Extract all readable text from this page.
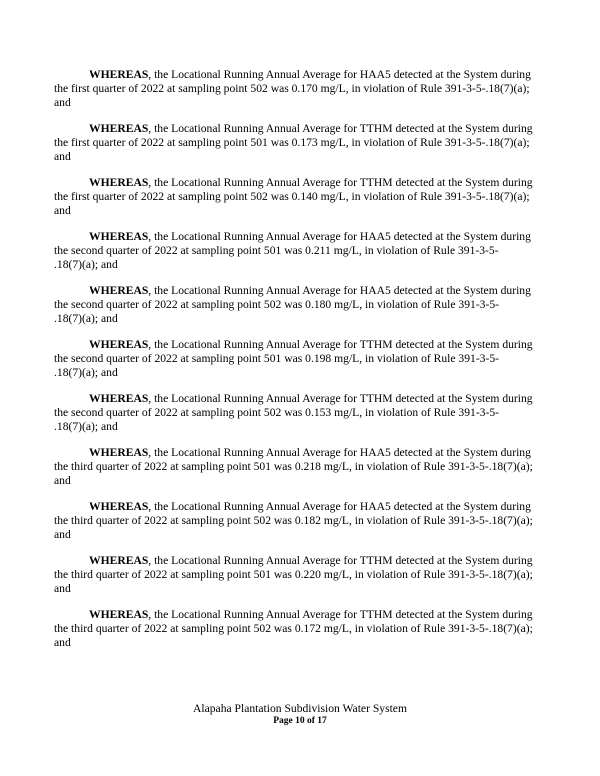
WHEREAS, the Locational Running Annual Average for HAA5 detected at the System during
the first quarter of 2022 at sampling point 502 was 0.170 mg/L, in violation of Rule 391-3-5-.18(7)(a);
and
WHEREAS, the Locational Running Annual Average for TTHM detected at the System during
the first quarter of 2022 at sampling point 501 was 0.173 mg/L, in violation of Rule 391-3-5-.18(7)(a);
and
WHEREAS, the Locational Running Annual Average for TTHM detected at the System during
the first quarter of 2022 at sampling point 502 was 0.140 mg/L, in violation of Rule 391-3-5-.18(7)(a);
and
WHEREAS, the Locational Running Annual Average for HAA5 detected at the System during
the second quarter of 2022 at sampling point 501 was 0.211 mg/L, in violation of Rule 391-3-5-
.18(7)(a); and
WHEREAS, the Locational Running Annual Average for HAA5 detected at the System during
the second quarter of 2022 at sampling point 502 was 0.180 mg/L, in violation of Rule 391-3-5-
.18(7)(a); and
WHEREAS, the Locational Running Annual Average for TTHM detected at the System during
the second quarter of 2022 at sampling point 501 was 0.198 mg/L, in violation of Rule 391-3-5-
.18(7)(a); and
WHEREAS, the Locational Running Annual Average for TTHM detected at the System during
the second quarter of 2022 at sampling point 502 was 0.153 mg/L, in violation of Rule 391-3-5-
.18(7)(a); and
WHEREAS, the Locational Running Annual Average for HAA5 detected at the System during
the third quarter of 2022 at sampling point 501 was 0.218 mg/L, in violation of Rule 391-3-5-.18(7)(a);
and
WHEREAS, the Locational Running Annual Average for HAA5 detected at the System during
the third quarter of 2022 at sampling point 502 was 0.182 mg/L, in violation of Rule 391-3-5-.18(7)(a);
and
WHEREAS, the Locational Running Annual Average for TTHM detected at the System during
the third quarter of 2022 at sampling point 501 was 0.220 mg/L, in violation of Rule 391-3-5-.18(7)(a);
and
WHEREAS, the Locational Running Annual Average for TTHM detected at the System during
the third quarter of 2022 at sampling point 502 was 0.172 mg/L, in violation of Rule 391-3-5-.18(7)(a);
and
Alapaha Plantation Subdivision Water System
Page 10 of 17
